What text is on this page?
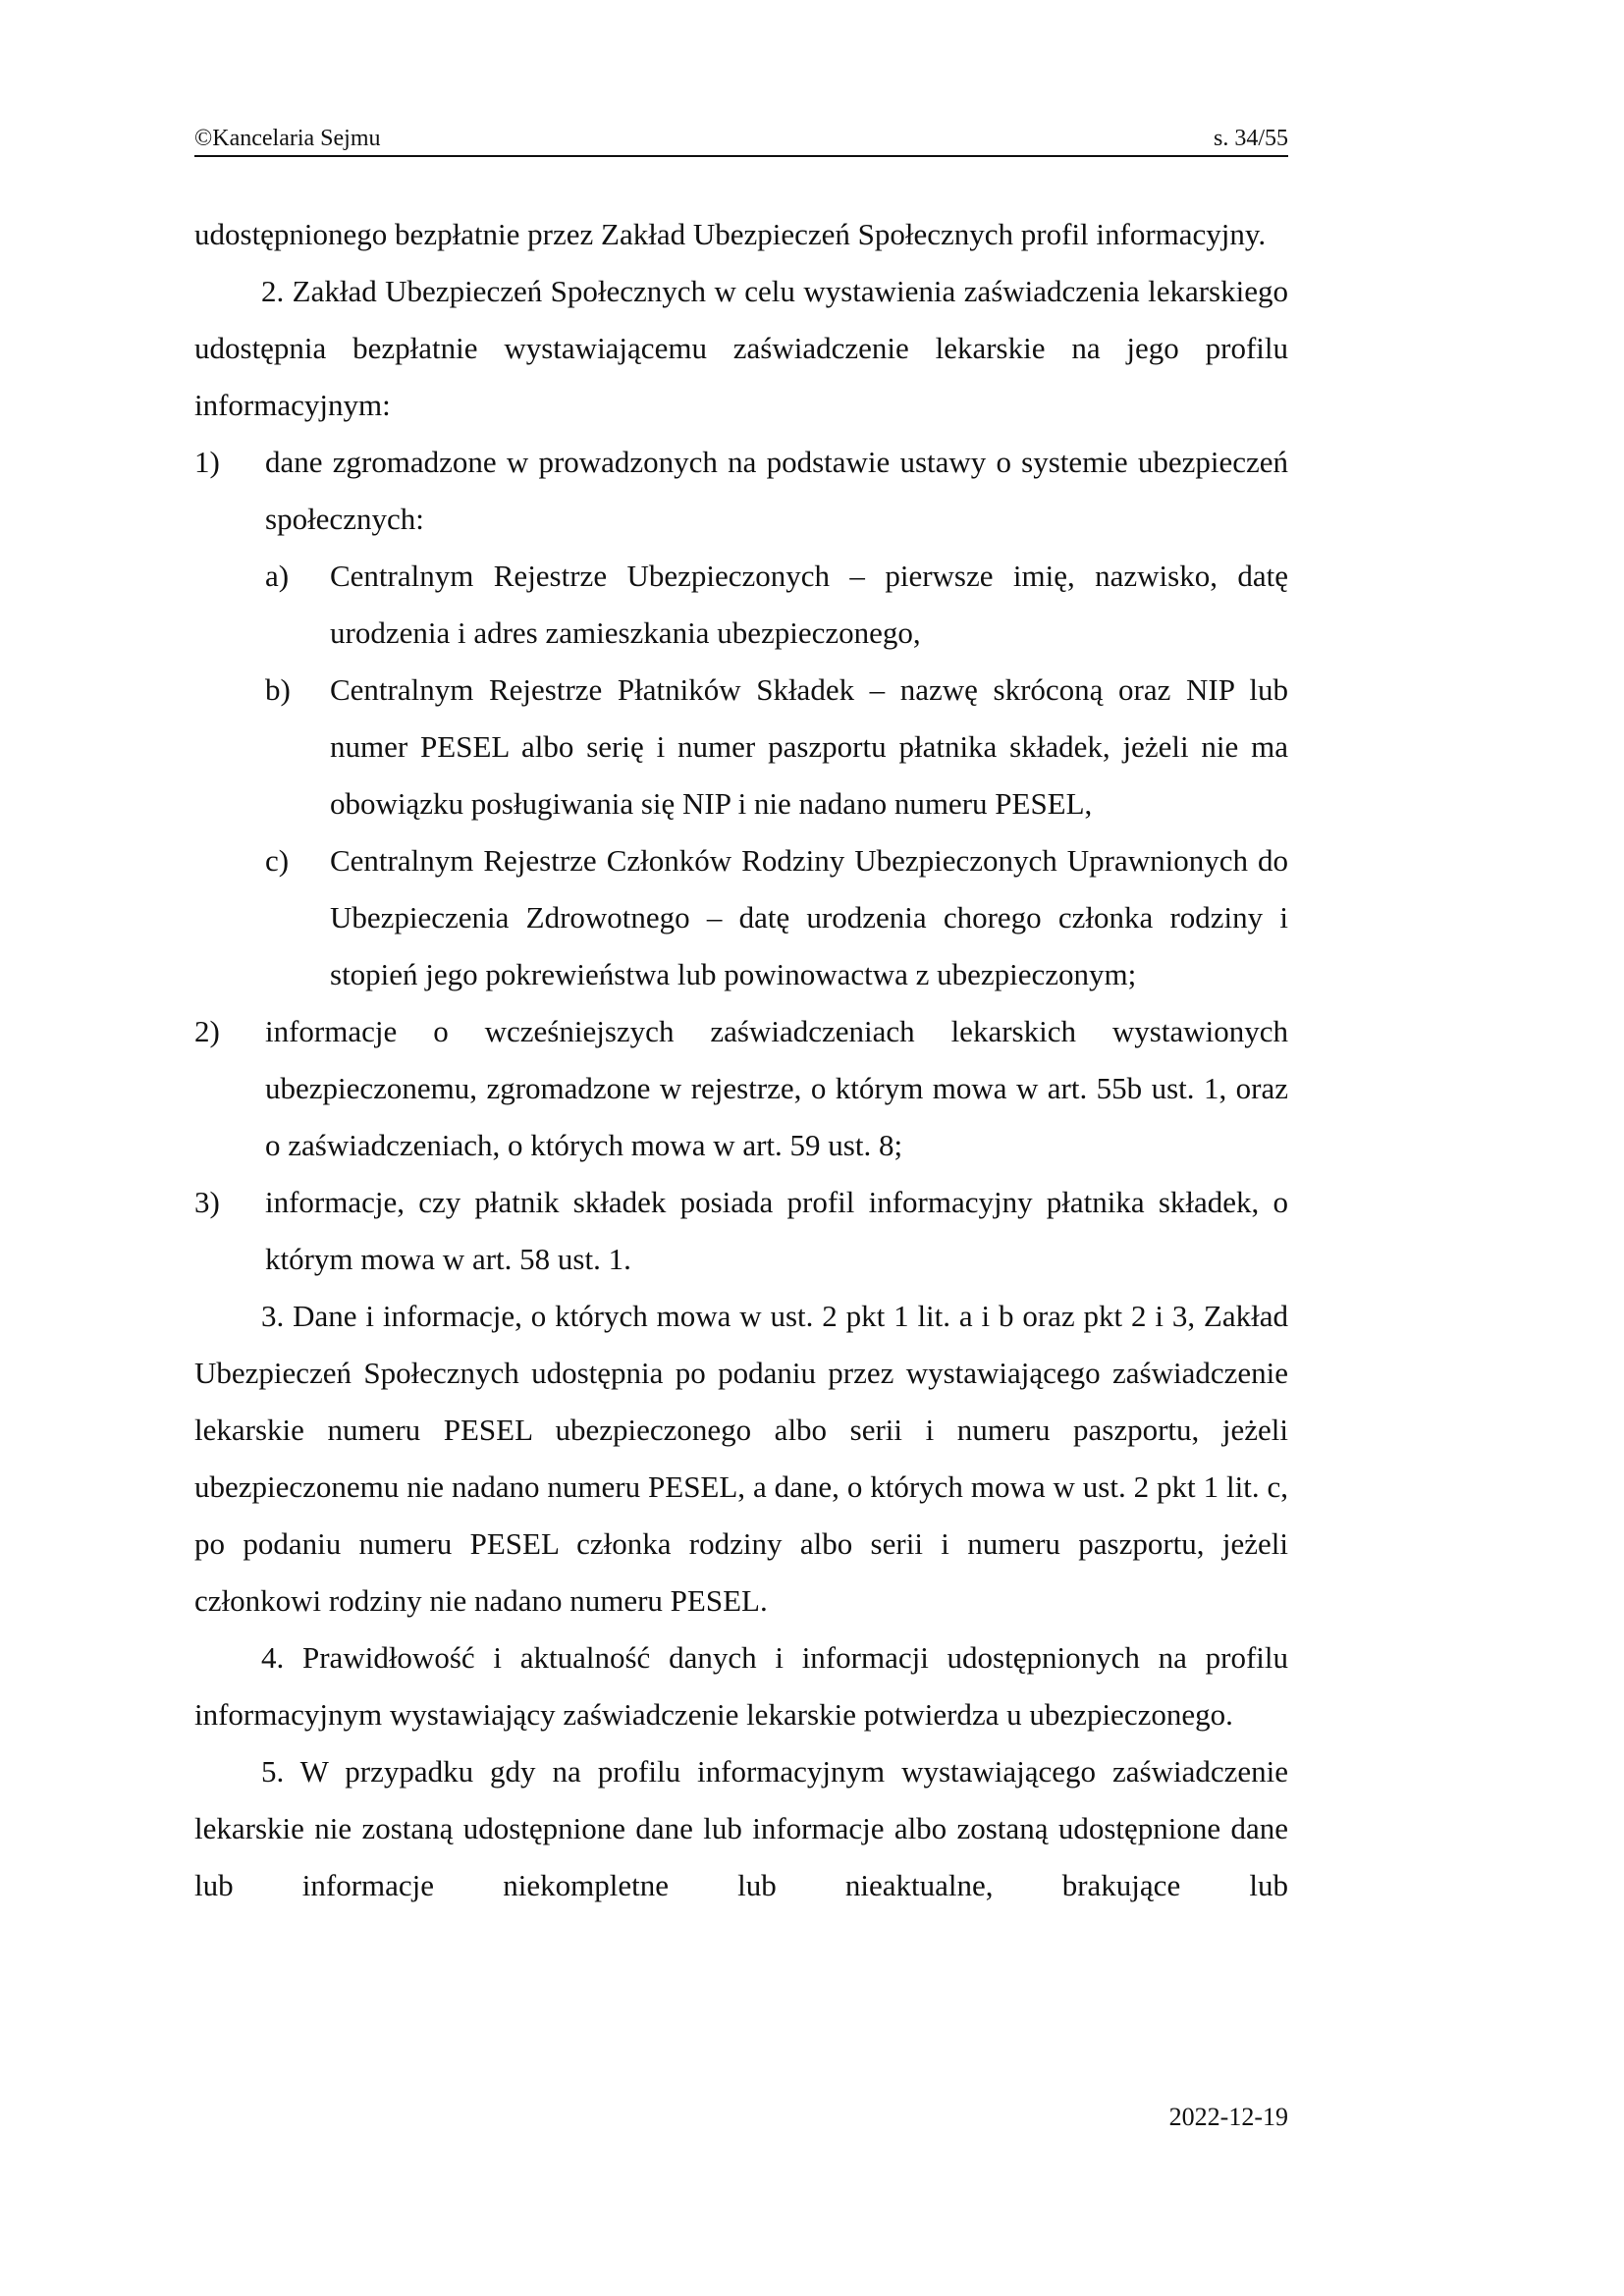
©Kancelaria Sejmu	s. 34/55

udostępnionego bezpłatnie przez Zakład Ubezpieczeń Społecznych profil informacyjny.

2. Zakład Ubezpieczeń Społecznych w celu wystawienia zaświadczenia lekarskiego udostępnia bezpłatnie wystawiającemu zaświadczenie lekarskie na jego profilu informacyjnym:

1) dane zgromadzone w prowadzonych na podstawie ustawy o systemie ubezpieczeń społecznych:
a) Centralnym Rejestrze Ubezpieczonych – pierwsze imię, nazwisko, datę urodzenia i adres zamieszkania ubezpieczonego,
b) Centralnym Rejestrze Płatników Składek – nazwę skróconą oraz NIP lub numer PESEL albo serię i numer paszportu płatnika składek, jeżeli nie ma obowiązku posługiwania się NIP i nie nadano numeru PESEL,
c) Centralnym Rejestrze Członków Rodziny Ubezpieczonych Uprawnionych do Ubezpieczenia Zdrowotnego – datę urodzenia chorego członka rodziny i stopień jego pokrewieństwa lub powinowactwa z ubezpieczonym;
2) informacje o wcześniejszych zaświadczeniach lekarskich wystawionych ubezpieczonemu, zgromadzone w rejestrze, o którym mowa w art. 55b ust. 1, oraz o zaświadczeniach, o których mowa w art. 59 ust. 8;
3) informacje, czy płatnik składek posiada profil informacyjny płatnika składek, o którym mowa w art. 58 ust. 1.

3. Dane i informacje, o których mowa w ust. 2 pkt 1 lit. a i b oraz pkt 2 i 3, Zakład Ubezpieczeń Społecznych udostępnia po podaniu przez wystawiającego zaświadczenie lekarskie numeru PESEL ubezpieczonego albo serii i numeru paszportu, jeżeli ubezpieczonemu nie nadano numeru PESEL, a dane, o których mowa w ust. 2 pkt 1 lit. c, po podaniu numeru PESEL członka rodziny albo serii i numeru paszportu, jeżeli członkowi rodziny nie nadano numeru PESEL.

4. Prawidłowość i aktualność danych i informacji udostępnionych na profilu informacyjnym wystawiający zaświadczenie lekarskie potwierdza u ubezpieczonego.

5. W przypadku gdy na profilu informacyjnym wystawiającego zaświadczenie lekarskie nie zostaną udostępnione dane lub informacje albo zostaną udostępnione dane lub informacje niekompletne lub nieaktualne, brakujące lub

2022-12-19
